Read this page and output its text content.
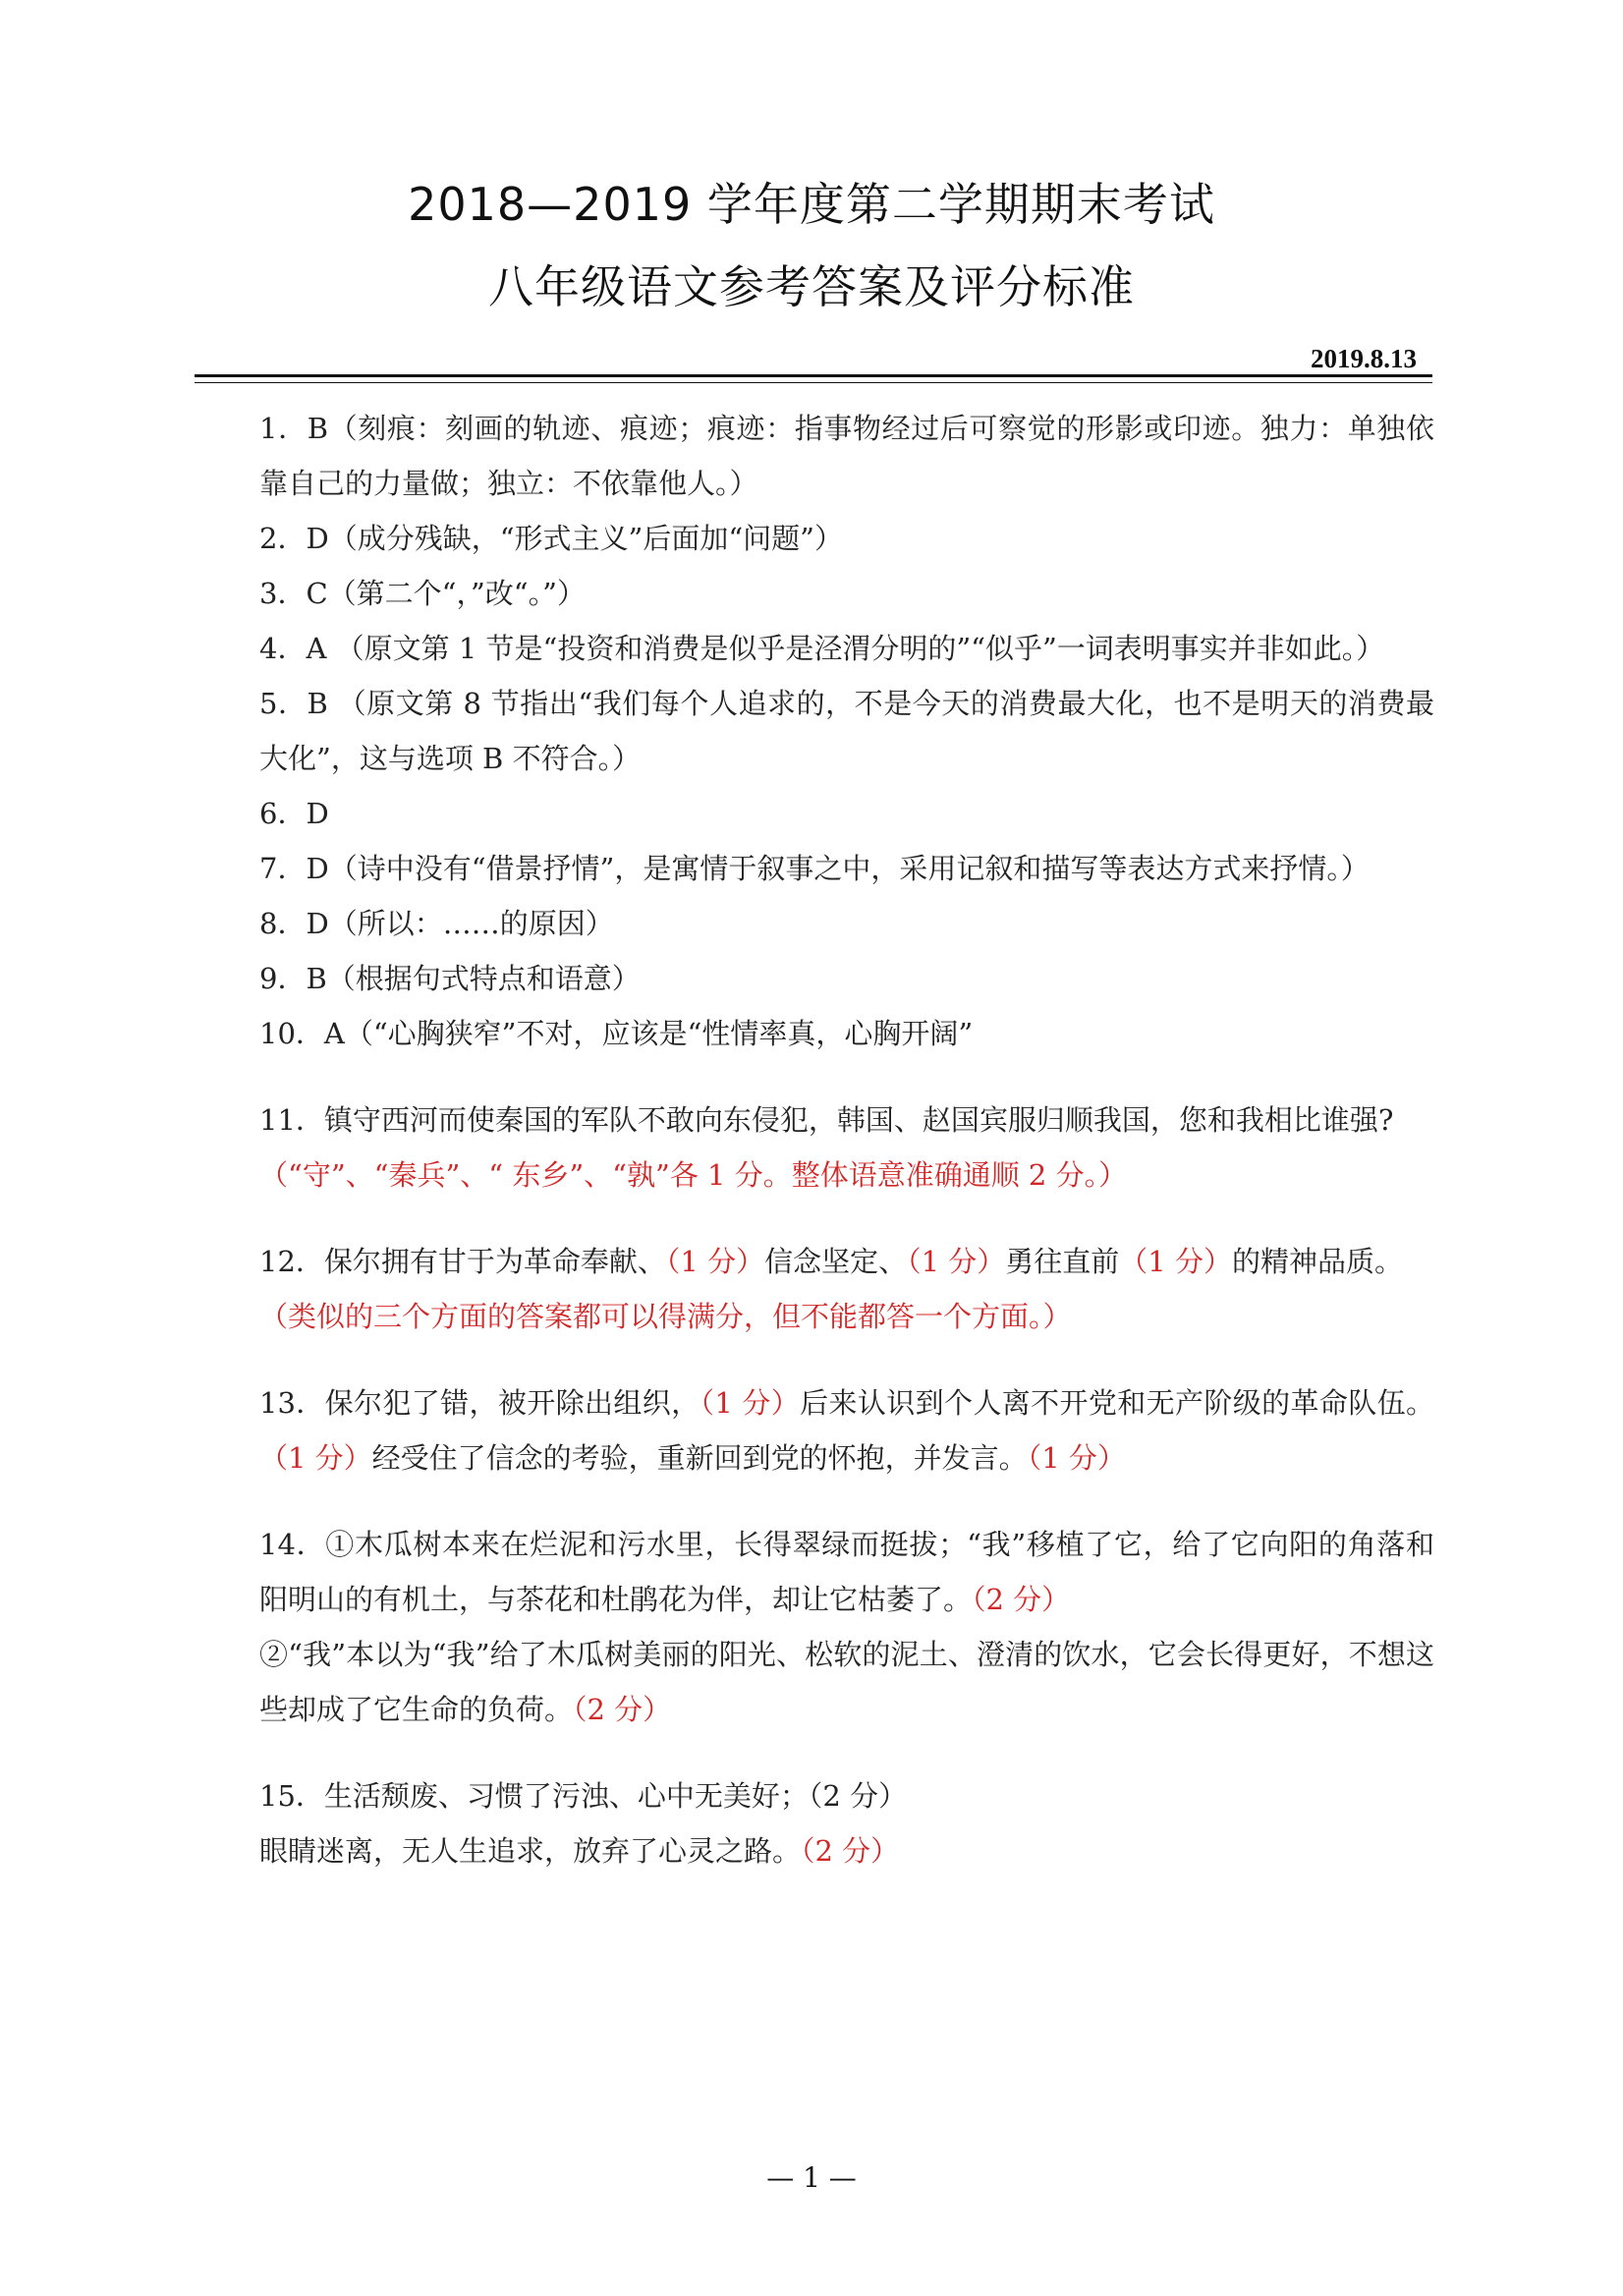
2018—2019 学年度第二学期期末考试
八年级语文参考答案及评分标准
2019.8.13
1．B（刻痕：刻画的轨迹、痕迹；痕迹：指事物经过后可察觉的形影或印迹。独力：单独依靠自己的力量做；独立：不依靠他人。）
2．D（成分残缺，“形式主义”后面加“问题”）
3．C（第二个“，”改“。”）
4．A （原文第 1 节是“投资和消费是似乎是泾渭分明的”“似乎”一词表明事实并非如此。）
5．B （原文第 8 节指出“我们每个人追求的，不是今天的消费最大化，也不是明天的消费最大化”，这与选项 B 不符合。）
6．D
7．D（诗中没有“借景抒情”，是寓情于叙事之中，采用记叙和描写等表达方式来抒情。）
8．D（所以：……的原因）
9．B（根据句式特点和语意）
10．A（“心胸狭窄”不对，应该是“性情率真，心胸开阔”
11．镇守西河而使秦国的军队不敢向东侵犯，韩国、赵国宾服归顺我国，您和我相比谁强?
（“守”、“秦兵”、“ 东乡”、“孰”各 1 分。整体语意准确通顺 2 分。）
12．保尔拥有甘于为革命奉献、（1 分）信念坚定、（1 分）勇往直前（1 分）的精神品质。
（类似的三个方面的答案都可以得满分，但不能都答一个方面。）
13．保尔犯了错，被开除出组织，（1 分）后来认识到个人离不开党和无产阶级的革命队伍。（1 分）经受住了信念的考验，重新回到党的怀抱，并发言。（1 分）
14．①木瓜树本来在烂泥和污水里，长得翠绿而挺拔；“我”移植了它，给了它向阳的角落和阳明山的有机土，与茶花和杜鹃花为伴，却让它枯萎了。（2 分）
②“我”本以为“我”给了木瓜树美丽的阳光、松软的泥土、澄清的饮水，它会长得更好，不想这些却成了它生命的负荷。（2 分）
15．生活颓废、习惯了污浊、心中无美好；（2 分）
眼睛迷离，无人生追求，放弃了心灵之路。（2 分）
— 1 —
